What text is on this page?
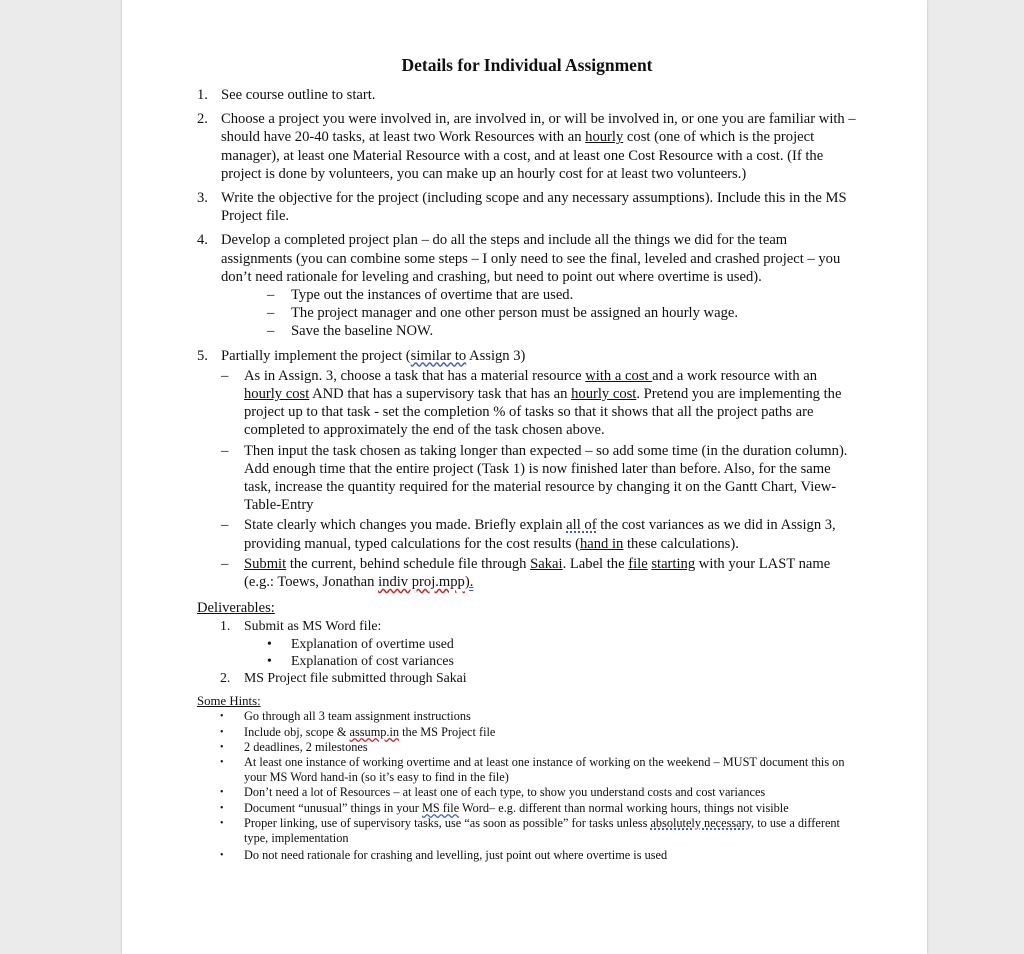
Details for Individual Assignment
1. See course outline to start.
2. Choose a project you were involved in, are involved in, or will be involved in, or one you are familiar with – should have 20-40 tasks, at least two Work Resources with an hourly cost (one of which is the project manager), at least one Material Resource with a cost, and at least one Cost Resource with a cost. (If the project is done by volunteers, you can make up an hourly cost for at least two volunteers.)
3. Write the objective for the project (including scope and any necessary assumptions). Include this in the MS Project file.
4. Develop a completed project plan – do all the steps and include all the things we did for the team assignments (you can combine some steps – I only need to see the final, leveled and crashed project – you don’t need rationale for leveling and crashing, but need to point out where overtime is used).
– Type out the instances of overtime that are used.
– The project manager and one other person must be assigned an hourly wage.
– Save the baseline NOW.
5. Partially implement the project (similar to Assign 3)
– As in Assign. 3, choose a task that has a material resource with a cost and a work resource with an hourly cost AND that has a supervisory task that has an hourly cost. Pretend you are implementing the project up to that task - set the completion % of tasks so that it shows that all the project paths are completed to approximately the end of the task chosen above.
– Then input the task chosen as taking longer than expected – so add some time (in the duration column). Add enough time that the entire project (Task 1) is now finished later than before. Also, for the same task, increase the quantity required for the material resource by changing it on the Gantt Chart, View-Table-Entry
– State clearly which changes you made. Briefly explain all of the cost variances as we did in Assign 3, providing manual, typed calculations for the cost results (hand in these calculations).
– Submit the current, behind schedule file through Sakai. Label the file starting with your LAST name (e.g.: Toews, Jonathan indiv proj.mpp).
Deliverables:
1. Submit as MS Word file:
• Explanation of overtime used
• Explanation of cost variances
2. MS Project file submitted through Sakai
Some Hints:
• Go through all 3 team assignment instructions
• Include obj, scope & assump.in the MS Project file
• 2 deadlines, 2 milestones
• At least one instance of working overtime and at least one instance of working on the weekend – MUST document this on your MS Word hand-in (so it’s easy to find in the file)
• Don’t need a lot of Resources – at least one of each type, to show you understand costs and cost variances
• Document “unusual” things in your MS file Word– e.g. different than normal working hours, things not visible
• Proper linking, use of supervisory tasks, use “as soon as possible” for tasks unless absolutely necessary, to use a different type, implementation
• Do not need rationale for crashing and levelling, just point out where overtime is used
